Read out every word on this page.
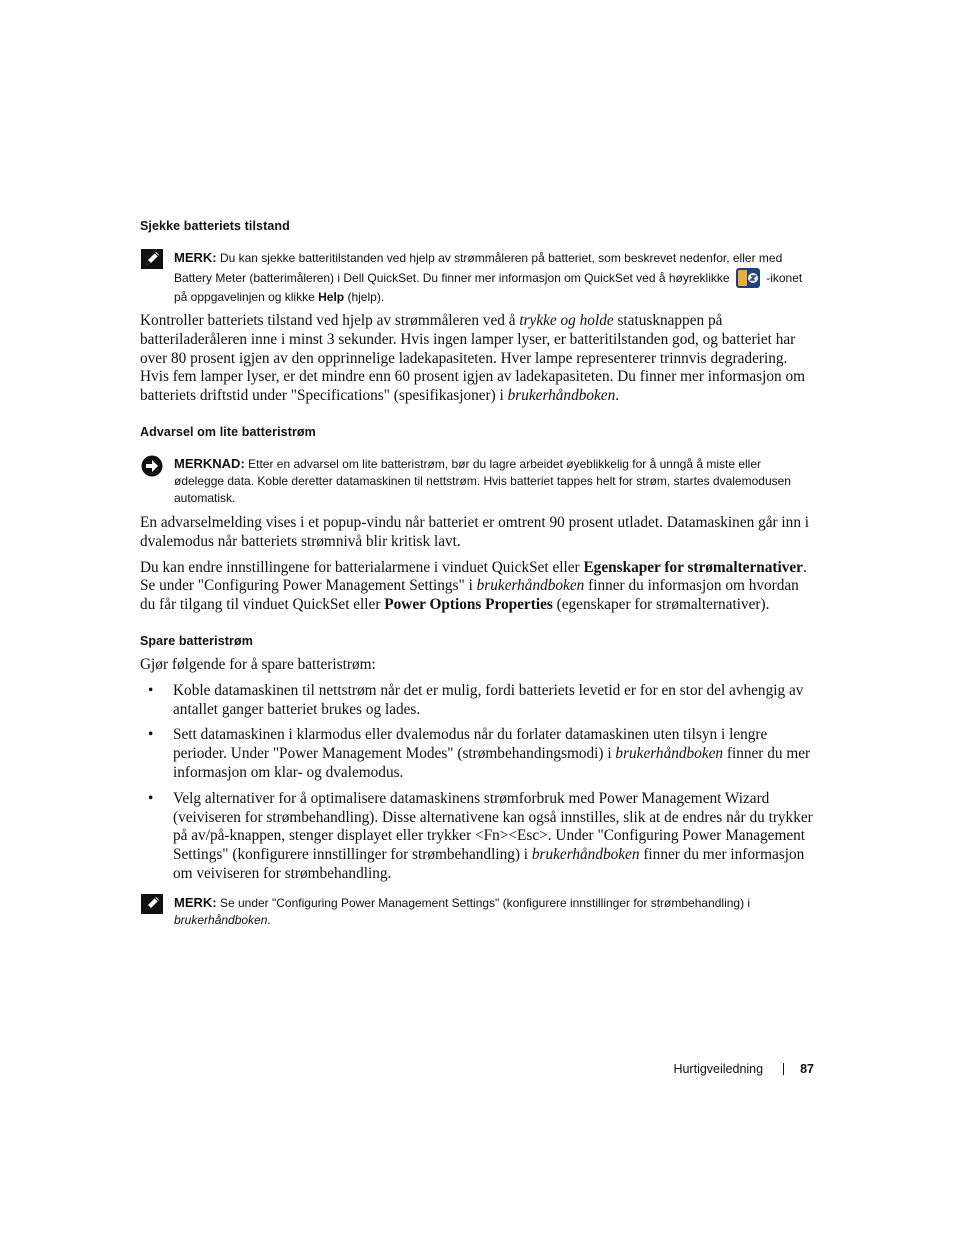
Sjekke batteriets tilstand
MERK: Du kan sjekke batteritilstanden ved hjelp av strømmåleren på batteriet, som beskrevet nedenfor, eller med Battery Meter (batterimåleren) i Dell QuickSet. Du finner mer informasjon om QuickSet ved å høyreklikke	-ikonet på oppgavelinjen og klikke Help (hjelp).

Kontroller batteriets tilstand ved hjelp av strømmåleren ved å trykke og holde statusknappen på batteriladeråleren inne i minst 3 sekunder. Hvis ingen lamper lyser, er batteritilstanden god, og batteriet har over 80 prosent igjen av den opprinnelige ladekapasiteten. Hver lampe representerer trinnvis degradering. Hvis fem lamper lyser, er det mindre enn 60 prosent igjen av ladekapasiteten. Du finner mer informasjon om batteriets driftstid under "Specifications" (spesifikasjoner) i brukerhåndboken.

Advarsel om lite batteristrøm
MERKNAD: Etter en advarsel om lite batteristrøm, bør du lagre arbeidet øyeblikkelig for å unngå å miste eller ødelegge data. Koble deretter datamaskinen til nettstrøm. Hvis batteriet tappes helt for strøm, startes dvalemodusen automatisk.

En advarselmelding vises i et popup-vindu når batteriet er omtrent 90 prosent utladet. Datamaskinen går inn i dvalemodus når batteriets strømnivå blir kritisk lavt.

Du kan endre innstillingene for batterialarmene i vinduet QuickSet eller Egenskaper for strømalternativer. Se under "Configuring Power Management Settings" i brukerhåndboken finner du informasjon om hvordan du får tilgang til vinduet QuickSet eller Power Options Properties (egenskaper for strømalternativer).

Spare batteristrøm

Gjør følgende for å spare batteristrøm:

• Koble datamaskinen til nettstrøm når det er mulig, fordi batteriets levetid er for en stor del avhengig av antallet ganger batteriet brukes og lades.
• Sett datamaskinen i klarmodus eller dvalemodus når du forlater datamaskinen uten tilsyn i lengre perioder. Under "Power Management Modes" (strømbehandingsmodi) i brukerhåndboken finner du mer informasjon om klar- og dvalemodus.
• Velg alternativer for å optimalisere datamaskinens strømforbruk med Power Management Wizard (veiviseren for strømbehandling). Disse alternativene kan også innstilles, slik at de endres når du trykker på av/på-knappen, stenger displayet eller trykker <Fn><Esc>. Under "Configuring Power Management Settings" (konfigurere innstillinger for strømbehandling) i brukerhåndboken finner du mer informasjon om veiviseren for strømbehandling.
MERK: Se under "Configuring Power Management Settings" (konfigurere innstillinger for strømbehandling) i brukerhåndboken.
Hurtigveiledning	87
